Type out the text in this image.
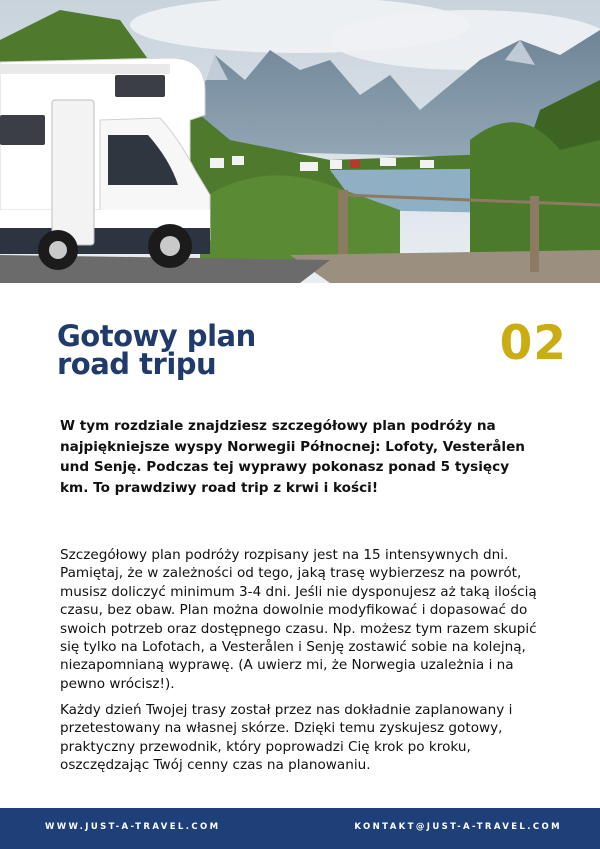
Gotowy plan
road tripu	02

W tym rozdziale znajdziesz szczegółowy plan podróży na najpiękniejsze wyspy Norwegii Północnej: Lofoty, Vesterålen und Senję. Podczas tej wyprawy pokonasz ponad 5 tysięcy km. To prawdziwy road trip z krwi i kości!

Szczegółowy plan podróży rozpisany jest na 15 intensywnych dni. Pamiętaj, że w zależności od tego, jaką trasę wybierzesz na powrót, musisz doliczyć minimum 3-4 dni. Jeśli nie dysponujesz aż taką ilością czasu, bez obaw. Plan można dowolnie modyfikować i dopasować do swoich potrzeb oraz dostępnego czasu. Np. możesz tym razem skupić się tylko na Lofotach, a Vesterålen i Senję zostawić sobie na kolejną, niezapomnianą wyprawę. (A uwierz mi, że Norwegia uzależnia i na pewno wrócisz!).

Każdy dzień Twojej trasy został przez nas dokładnie zaplanowany i przetestowany na własnej skórze. Dzięki temu zyskujesz gotowy, praktyczny przewodnik, który poprowadzi Cię krok po kroku, oszczędzając Twój cenny czas na planowaniu.

WWW.JUST-A-TRAVEL.COM	KONTAKT@JUST-A-TRAVEL.COM
